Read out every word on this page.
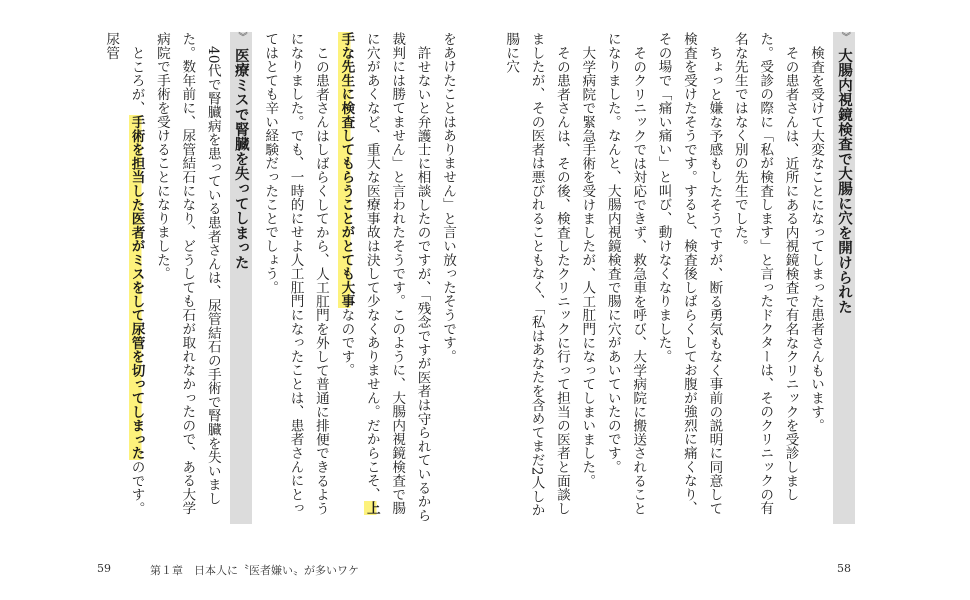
︾
大腸内視鏡検査で大腸に穴を開けられた

検査を受けて大変なことになってしまった患者さんもいます。

その患者さんは、近所にある内視鏡検査で有名なクリニックを受診しました。受診の際に「私が検査します」と言ったドクターは、そのクリニックの有名な先生ではなく別の先生でした。

ちょっと嫌な予感もしたそうですが、断る勇気もなく事前の説明に同意して検査を受けたそうです。すると、検査後しばらくしてお腹が強烈に痛くなり、その場で「痛い痛い」と叫び、動けなくなりました。

そのクリニックでは対応できず、救急車を呼び、大学病院に搬送されることになりました。なんと、大腸内視鏡検査で腸に穴があいていたのです。

大学病院で緊急手術を受けましたが、人工肛門になってしまいました。

その患者さんは、その後、検査したクリニックに行って担当の医者と面談しましたが、その医者は悪びれることもなく、「私はあなたを含めてまだ2人しか腸に穴

58

をあけたことはありません」と言い放ったそうです。

許せないと弁護士に相談したのですが、「残念ですが医者は守られているから裁判には勝てません」と言われたそうです。このように、大腸内視鏡検査で腸に穴があくなど、重大な医療事故は決して少なくありません。だからこそ、上手な先生に検査してもらうことがとても大事なのです。

この患者さんはしばらくしてから、人工肛門を外して普通に排便できるようになりました。でも、一時的にせよ人工肛門になったことは、患者さんにとってはとても辛い経験だったことでしょう。

︾
医療ミスで腎臓を失ってしまった

40代で腎臓病を患っている患者さんは、尿管結石の手術で腎臓を失いました。数年前に、尿管結石になり、どうしても石が取れなかったので、ある大学病院で手術を受けることになりました。

ところが、手術を担当した医者がミスをして尿管を切ってしまったのです。尿管

59	第１章　日本人に〝医者嫌い〟が多いワケ
